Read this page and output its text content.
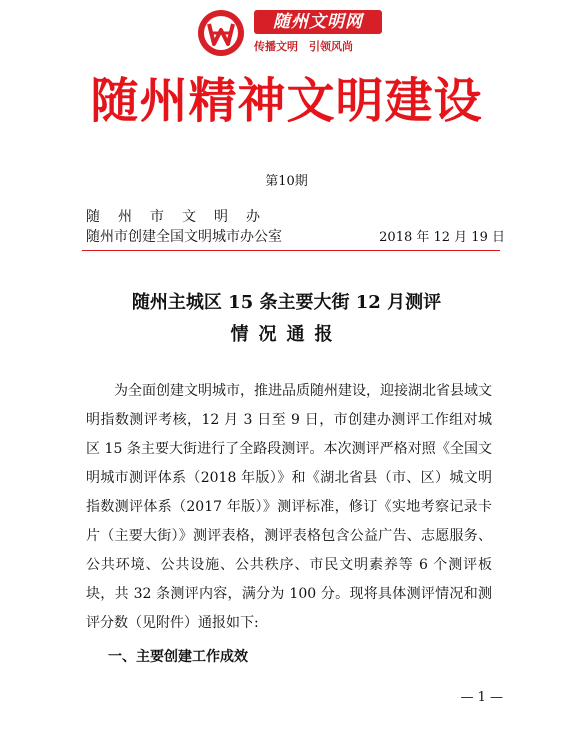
随州文明网
传播文明　引领风尚
随州精神文明建设
第10期
随州市文明办
随州市创建全国文明城市办公室	2018 年 12 月 19 日
随州主城区 15 条主要大街 12 月测评
情况通报

为全面创建文明城市，推进品质随州建设，迎接湖北省县域文明指数测评考核，12 月 3 日至 9 日，市创建办测评工作组对城区 15 条主要大街进行了全路段测评。本次测评严格对照《全国文明城市测评体系（2018 年版）》和《湖北省县（市、区）城文明指数测评体系（2017 年版）》测评标准，修订《实地考察记录卡片（主要大街）》测评表格，测评表格包含公益广告、志愿服务、公共环境、公共设施、公共秩序、市民文明素养等 6 个测评板块，共 32 条测评内容，满分为 100 分。现将具体测评情况和测评分数（见附件）通报如下:

一、主要创建工作成效
— 1 —
